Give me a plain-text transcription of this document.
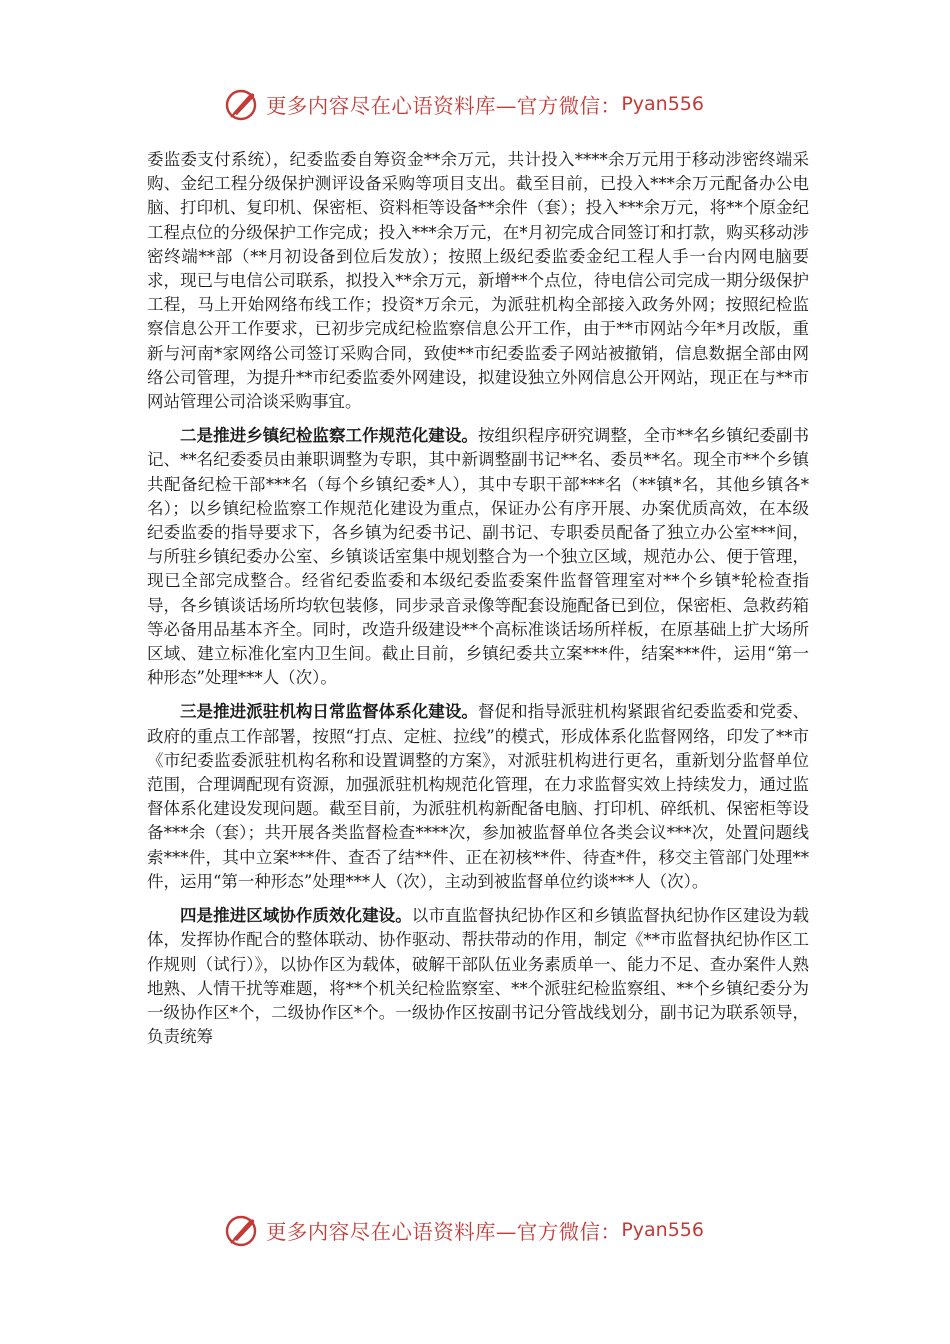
更多内容尽在心语资料库—官方微信： Pyan556

委监委支付系统），纪委监委自筹资金**余万元，共计投入****余万元用于移动涉密终端采购、金纪工程分级保护测评设备采购等项目支出。截至目前，已投入***余万元配备办公电脑、打印机、复印机、保密柜、资料柜等设备**余件（套）；投入***余万元，将**个原金纪工程点位的分级保护工作完成；投入***余万元，在*月初完成合同签订和打款，购买移动涉密终端**部（**月初设备到位后发放）；按照上级纪委监委金纪工程人手一台内网电脑要求，现已与电信公司联系，拟投入**余万元，新增**个点位，待电信公司完成一期分级保护工程，马上开始网络布线工作；投资*万余元，为派驻机构全部接入政务外网；按照纪检监察信息公开工作要求，已初步完成纪检监察信息公开工作，由于**市网站今年*月改版，重新与河南*家网络公司签订采购合同，致使**市纪委监委子网站被撤销，信息数据全部由网络公司管理，为提升**市纪委监委外网建设，拟建设独立外网信息公开网站，现正在与**市网站管理公司洽谈采购事宜。

二是推进乡镇纪检监察工作规范化建设。按组织程序研究调整，全市**名乡镇纪委副书记、**名纪委委员由兼职调整为专职，其中新调整副书记**名、委员**名。现全市**个乡镇共配备纪检干部***名（每个乡镇纪委*人），其中专职干部***名（**镇*名，其他乡镇各*名）；以乡镇纪检监察工作规范化建设为重点，保证办公有序开展、办案优质高效，在本级纪委监委的指导要求下，各乡镇为纪委书记、副书记、专职委员配备了独立办公室***间，与所驻乡镇纪委办公室、乡镇谈话室集中规划整合为一个独立区域，规范办公、便于管理，现已全部完成整合。经省纪委监委和本级纪委监委案件监督管理室对**个乡镇*轮检查指导，各乡镇谈话场所均软包装修，同步录音录像等配套设施配备已到位，保密柜、急救药箱等必备用品基本齐全。同时，改造升级建设**个高标准谈话场所样板，在原基础上扩大场所区域、建立标准化室内卫生间。截止目前，乡镇纪委共立案***件，结案***件，运用“第一种形态”处理***人（次）。

三是推进派驻机构日常监督体系化建设。督促和指导派驻机构紧跟省纪委监委和党委、政府的重点工作部署，按照“打点、定桩、拉线”的模式，形成体系化监督网络，印发了**市《市纪委监委派驻机构名称和设置调整的方案》，对派驻机构进行更名，重新划分监督单位范围，合理调配现有资源，加强派驻机构规范化管理，在力求监督实效上持续发力，通过监督体系化建设发现问题。截至目前，为派驻机构新配备电脑、打印机、碎纸机、保密柜等设备***余（套）；共开展各类监督检查****次，参加被监督单位各类会议***次，处置问题线索***件，其中立案***件、查否了结**件、正在初核**件、待查*件，移交主管部门处理**件，运用“第一种形态”处理***人（次），主动到被监督单位约谈***人（次）。

四是推进区域协作质效化建设。以市直监督执纪协作区和乡镇监督执纪协作区建设为载体，发挥协作配合的整体联动、协作驱动、帮扶带动的作用，制定《**市监督执纪协作区工作规则（试行）》，以协作区为载体，破解干部队伍业务素质单一、能力不足、查办案件人熟地熟、人情干扰等难题，将**个机关纪检监察室、**个派驻纪检监察组、**个乡镇纪委分为一级协作区*个，二级协作区*个。一级协作区按副书记分管战线划分，副书记为联系领导，负责统筹

更多内容尽在心语资料库—官方微信： Pyan556
